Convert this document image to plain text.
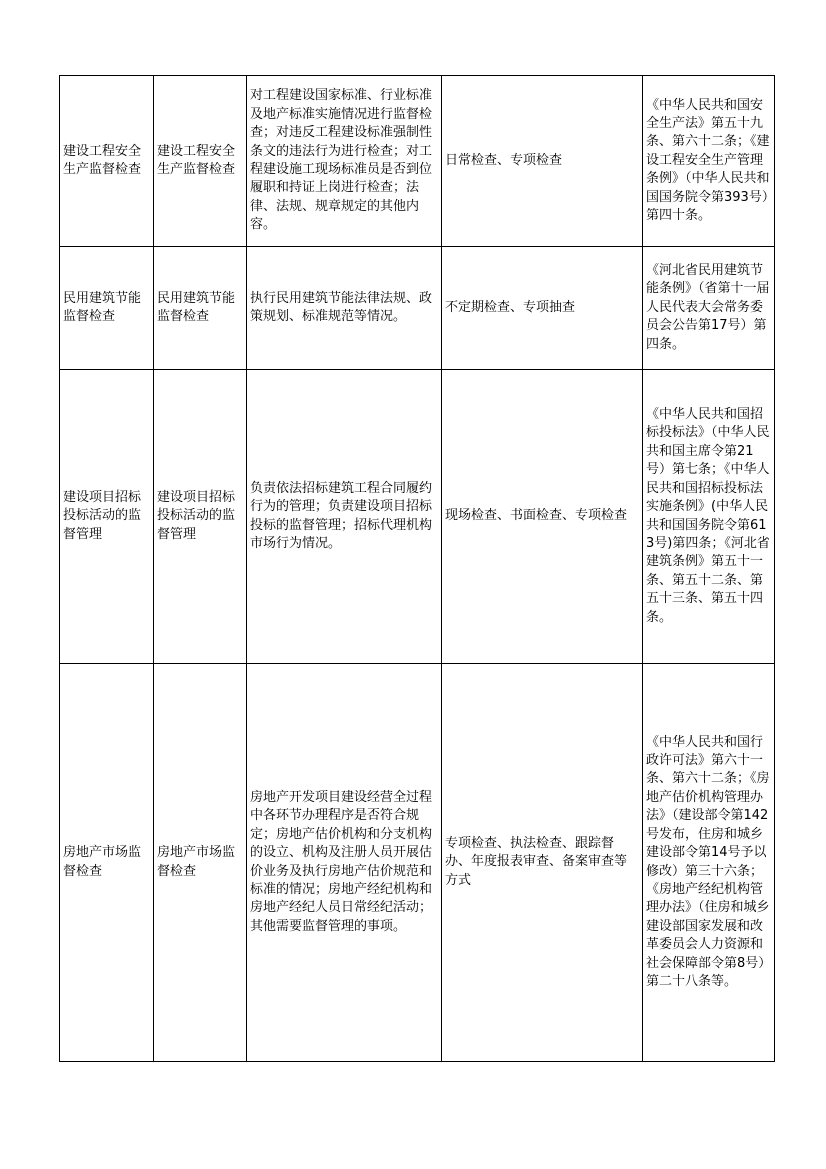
建设工程安全生产监督检查	建设工程安全生产监督检查	对工程建设国家标准、行业标准及地产标准实施情况进行监督检查；对违反工程建设标准强制性条文的违法行为进行检查；对工程建设施工现场标准员是否到位履职和持证上岗进行检查；法律、法规、规章规定的其他内容。	日常检查、专项检查	《中华人民共和国安全生产法》第五十九条、第六十二条；《建设工程安全生产管理条例》（中华人民共和国国务院令第393号）第四十条。
民用建筑节能监督检查	民用建筑节能监督检查	执行民用建筑节能法律法规、政策规划、标准规范等情况。	不定期检查、专项抽查	《河北省民用建筑节能条例》（省第十一届人民代表大会常务委员会公告第17号）第四条。
建设项目招标投标活动的监督管理	建设项目招标投标活动的监督管理	负责依法招标建筑工程合同履约行为的管理；负责建设项目招标投标的监督管理；招标代理机构市场行为情况。	现场检查、书面检查、专项检查	《中华人民共和国招标投标法》（中华人民共和国主席令第21号）第七条；《中华人民共和国招标投标法实施条例》(中华人民共和国国务院令第613号)第四条；《河北省建筑条例》第五十一条、第五十二条、第五十三条、第五十四条。
房地产市场监督检查	房地产市场监督检查	房地产开发项目建设经营全过程中各环节办理程序是否符合规定；房地产估价机构和分支机构的设立、机构及注册人员开展估价业务及执行房地产估价规范和标准的情况；房地产经纪机构和房地产经纪人员日常经纪活动；其他需要监督管理的事项。	专项检查、执法检查、跟踪督办、年度报表审查、备案审查等方式	《中华人民共和国行政许可法》第六十一条、第六十二条；《房地产估价机构管理办法》（建设部令第142号发布，住房和城乡建设部令第14号予以修改）第三十六条；《房地产经纪机构管理办法》（住房和城乡建设部国家发展和改革委员会人力资源和社会保障部令第8号）第二十八条等。
